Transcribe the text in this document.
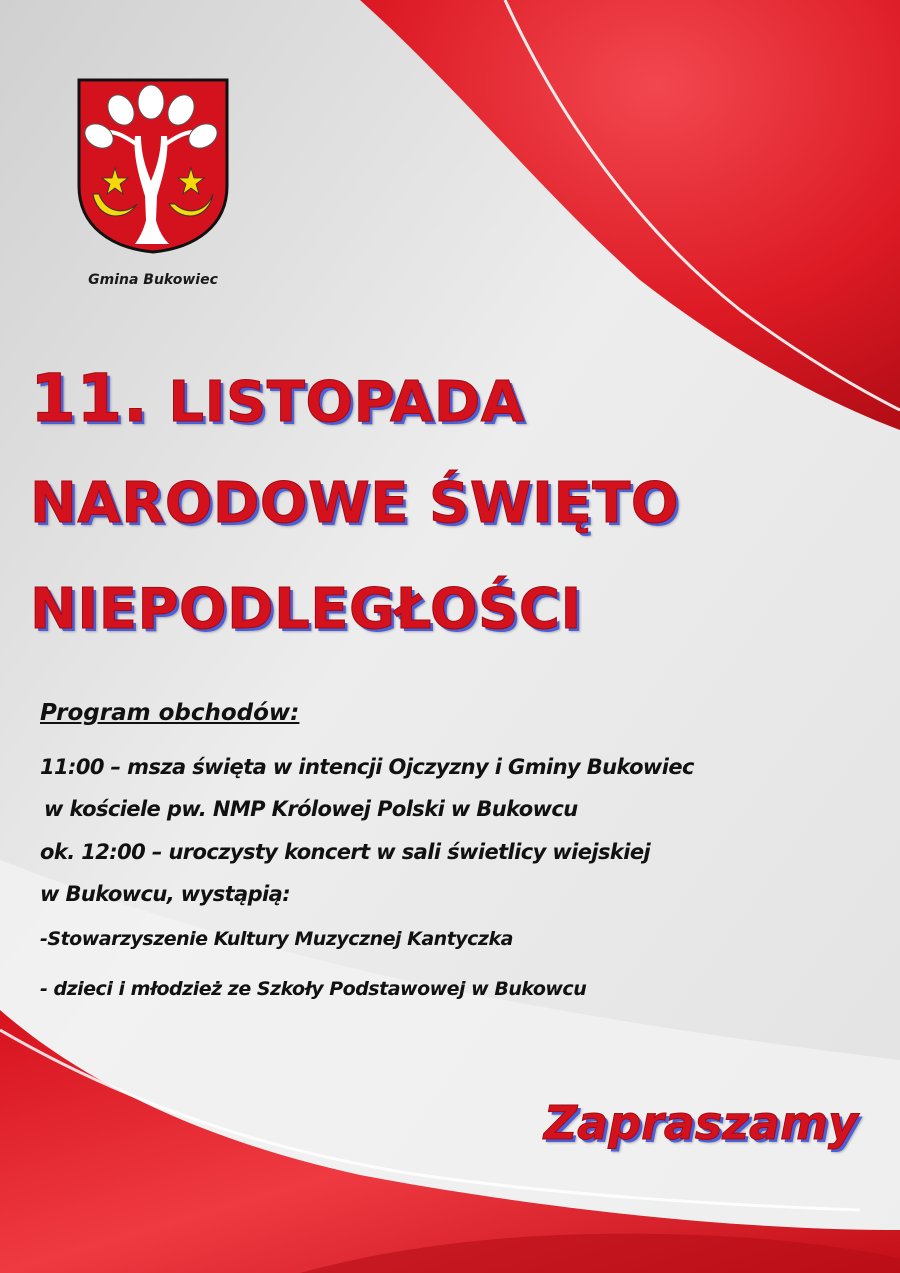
Gmina Bukowiec
11. LISTOPADA
NARODOWE ŚWIĘTO
NIEPODLEGŁOŚCI

Program obchodów:

11:00 – msza święta w intencji Ojczyzny i Gminy Bukowiec

w kościele pw. NMP Królowej Polski w Bukowcu

ok. 12:00 – uroczysty koncert w sali świetlicy wiejskiej

w Bukowcu, wystąpią:

-Stowarzyszenie Kultury Muzycznej Kantyczka

- dzieci i młodzież ze Szkoły Podstawowej w Bukowcu

Zapraszamy
